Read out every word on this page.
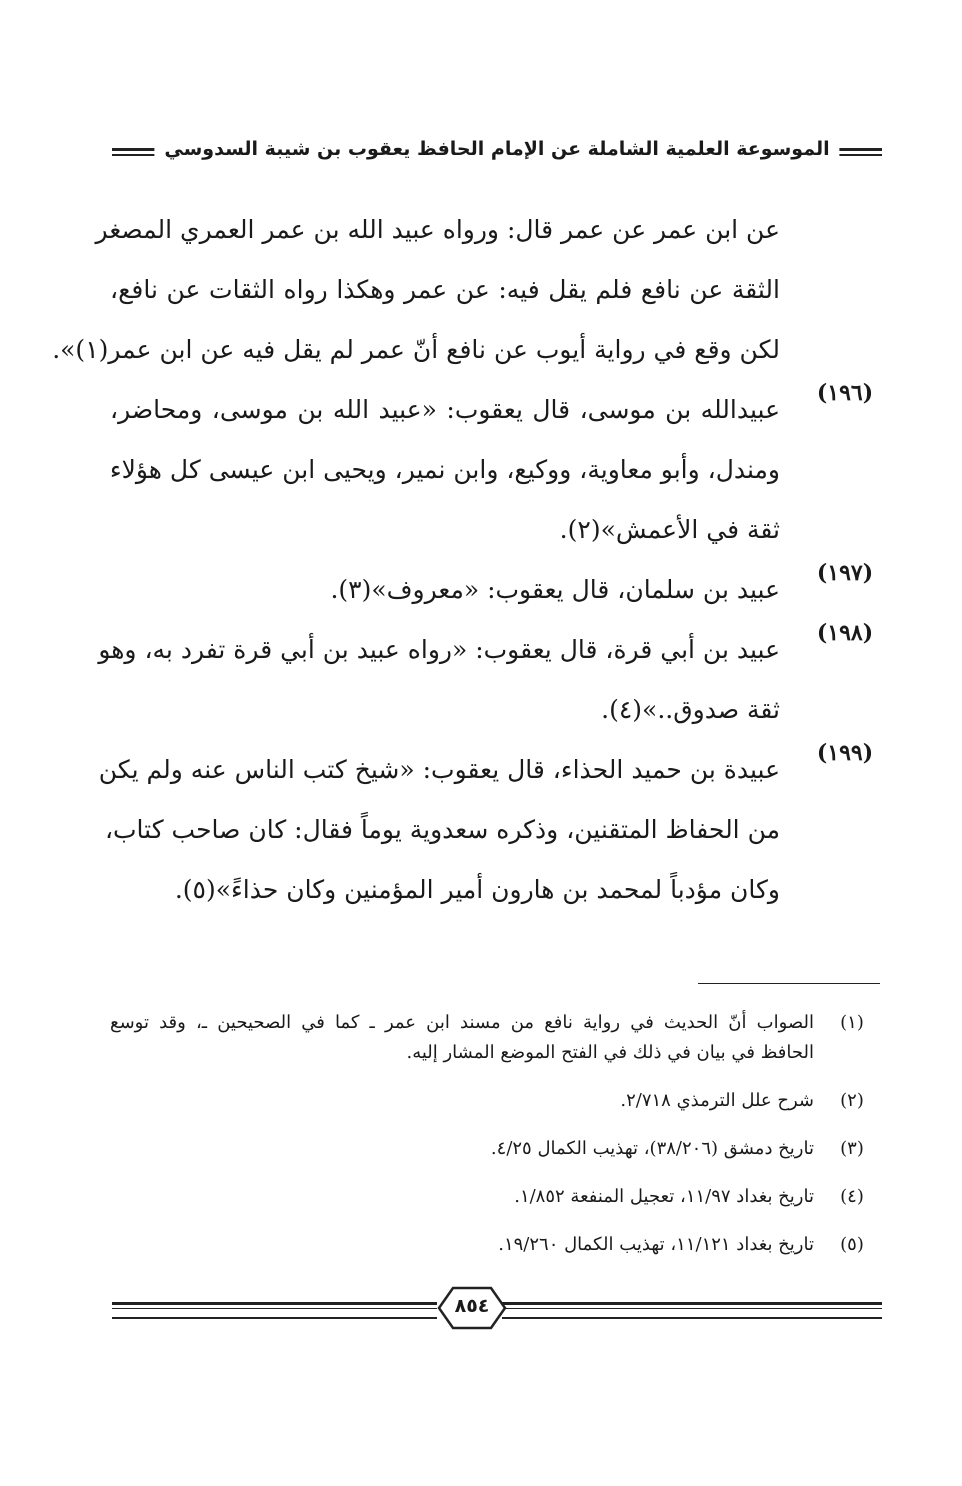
الموسوعة العلمية الشاملة عن الإمام الحافظ يعقوب بن شيبة السدوسي
عن ابن عمر عن عمر قال: ورواه عبيد الله بن عمر العمري المصغر
الثقة عن نافع فلم يقل فيه: عن عمر وهكذا رواه الثقات عن نافع،
لكن وقع في رواية أيوب عن نافع أنّ عمر لم يقل فيه عن ابن عمر(١)».
(١٩٦)
عبيدالله بن موسى، قال يعقوب: «عبيد الله بن موسى، ومحاضر،
ومندل، وأبو معاوية، ووكيع، وابن نمير، ويحيى ابن عيسى كل هؤلاء
ثقة في الأعمش»(٢).
(١٩٧)
عبيد بن سلمان، قال يعقوب: «معروف»(٣).
(١٩٨)
عبيد بن أبي قرة، قال يعقوب: «رواه عبيد بن أبي قرة تفرد به، وهو
ثقة صدوق..»(٤).
(١٩٩)
عبيدة بن حميد الحذاء، قال يعقوب: «شيخ كتب الناس عنه ولم يكن
من الحفاظ المتقنين، وذكره سعدوية يوماً فقال: كان صاحب كتاب،
وكان مؤدباً لمحمد بن هارون أمير المؤمنين وكان حذاءً»(٥).
(١)
الصواب أنّ الحديث في رواية نافع من مسند ابن عمر ـ كما في الصحيحين ـ، وقد توسع
الحافظ في بيان في ذلك في الفتح الموضع المشار إليه.
(٢)
شرح علل الترمذي ٢/٧١٨.
(٣)
تاريخ دمشق (٣٨/٢٠٦)، تهذيب الكمال ٤/٢٥.
(٤)
تاريخ بغداد ١١/٩٧، تعجيل المنفعة ١/٨٥٢.
(٥)
تاريخ بغداد ١١/١٢١، تهذيب الكمال ١٩/٢٦٠.
٨٥٤
